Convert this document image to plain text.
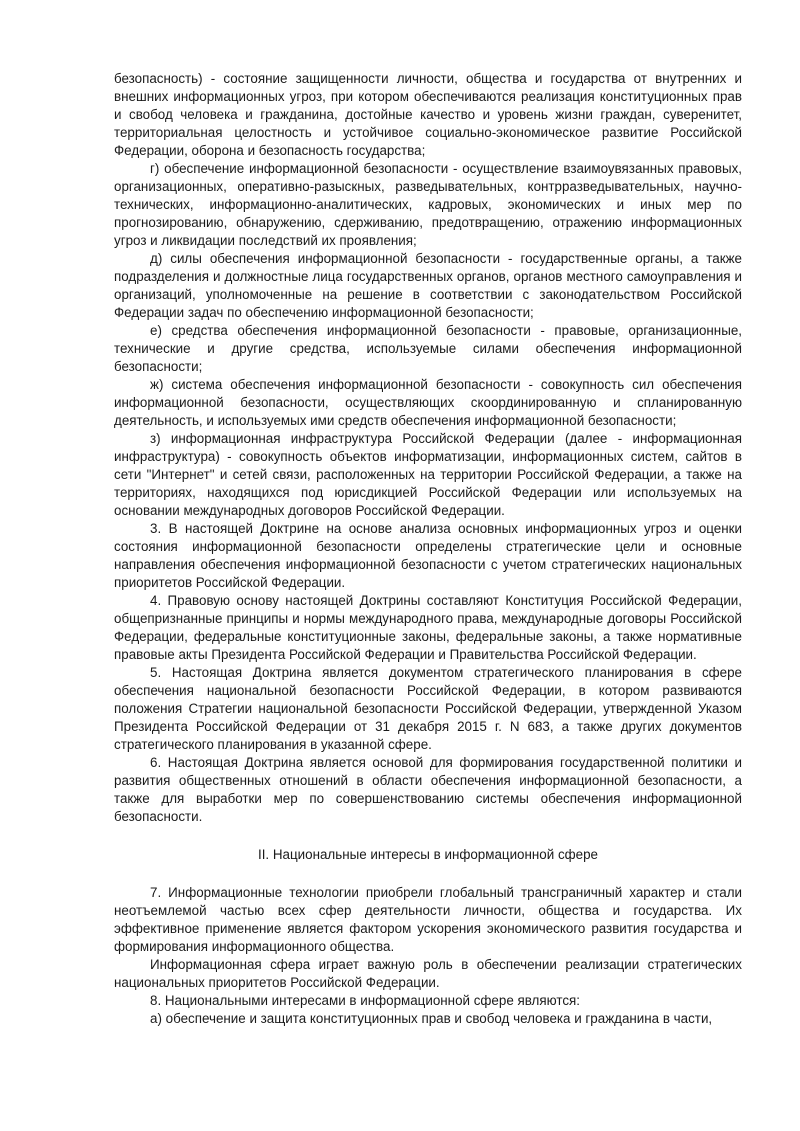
безопасность) - состояние защищенности личности, общества и государства от внутренних и внешних информационных угроз, при котором обеспечиваются реализация конституционных прав и свобод человека и гражданина, достойные качество и уровень жизни граждан, суверенитет, территориальная целостность и устойчивое социально-экономическое развитие Российской Федерации, оборона и безопасность государства;

г) обеспечение информационной безопасности - осуществление взаимоувязанных правовых, организационных, оперативно-разыскных, разведывательных, контрразведывательных, научно-технических, информационно-аналитических, кадровых, экономических и иных мер по прогнозированию, обнаружению, сдерживанию, предотвращению, отражению информационных угроз и ликвидации последствий их проявления;

д) силы обеспечения информационной безопасности - государственные органы, а также подразделения и должностные лица государственных органов, органов местного самоуправления и организаций, уполномоченные на решение в соответствии с законодательством Российской Федерации задач по обеспечению информационной безопасности;

е) средства обеспечения информационной безопасности - правовые, организационные, технические и другие средства, используемые силами обеспечения информационной безопасности;

ж) система обеспечения информационной безопасности - совокупность сил обеспечения информационной безопасности, осуществляющих скоординированную и спланированную деятельность, и используемых ими средств обеспечения информационной безопасности;

з) информационная инфраструктура Российской Федерации (далее - информационная инфраструктура) - совокупность объектов информатизации, информационных систем, сайтов в сети "Интернет" и сетей связи, расположенных на территории Российской Федерации, а также на территориях, находящихся под юрисдикцией Российской Федерации или используемых на основании международных договоров Российской Федерации.

3. В настоящей Доктрине на основе анализа основных информационных угроз и оценки состояния информационной безопасности определены стратегические цели и основные направления обеспечения информационной безопасности с учетом стратегических национальных приоритетов Российской Федерации.

4. Правовую основу настоящей Доктрины составляют Конституция Российской Федерации, общепризнанные принципы и нормы международного права, международные договоры Российской Федерации, федеральные конституционные законы, федеральные законы, а также нормативные правовые акты Президента Российской Федерации и Правительства Российской Федерации.

5. Настоящая Доктрина является документом стратегического планирования в сфере обеспечения национальной безопасности Российской Федерации, в котором развиваются положения Стратегии национальной безопасности Российской Федерации, утвержденной Указом Президента Российской Федерации от 31 декабря 2015 г. N 683, а также других документов стратегического планирования в указанной сфере.

6. Настоящая Доктрина является основой для формирования государственной политики и развития общественных отношений в области обеспечения информационной безопасности, а также для выработки мер по совершенствованию системы обеспечения информационной безопасности.

II. Национальные интересы в информационной сфере

7. Информационные технологии приобрели глобальный трансграничный характер и стали неотъемлемой частью всех сфер деятельности личности, общества и государства. Их эффективное применение является фактором ускорения экономического развития государства и формирования информационного общества.

Информационная сфера играет важную роль в обеспечении реализации стратегических национальных приоритетов Российской Федерации.

8. Национальными интересами в информационной сфере являются:

а) обеспечение и защита конституционных прав и свобод человека и гражданина в части,
